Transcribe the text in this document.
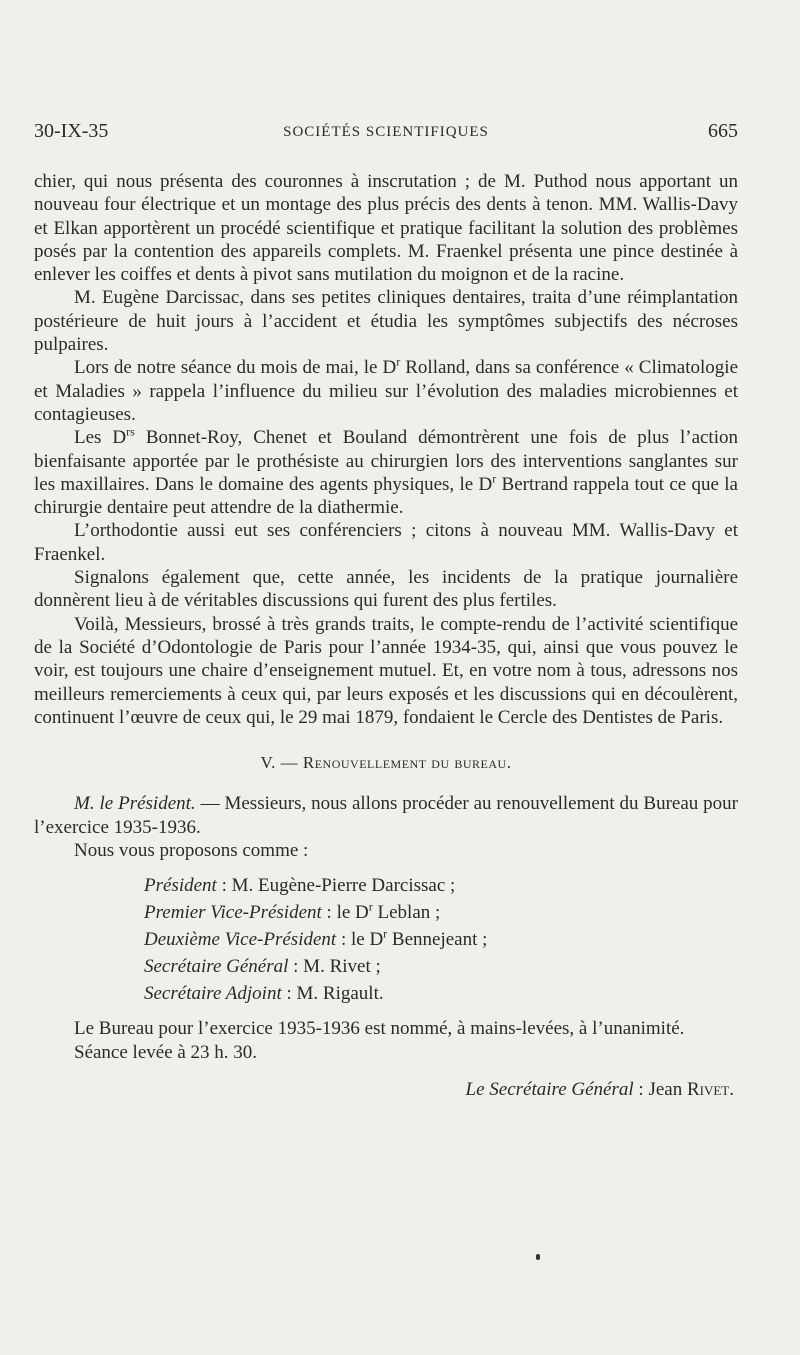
30-IX-35	SOCIÉTÉS SCIENTIFIQUES	665

chier, qui nous présenta des couronnes à inscrutation ; de M. Puthod nous apportant un nouveau four électrique et un montage des plus précis des dents à tenon. MM. Wallis-Davy et Elkan apportèrent un procédé scientifique et pratique facilitant la solution des problèmes posés par la contention des appareils complets. M. Fraenkel présenta une pince destinée à enlever les coiffes et dents à pivot sans mutilation du moignon et de la racine.

M. Eugène Darcissac, dans ses petites cliniques dentaires, traita d’une réimplantation postérieure de huit jours à l’accident et étudia les symptômes subjectifs des nécroses pulpaires.

Lors de notre séance du mois de mai, le $D^r$ Rolland, dans sa conférence « Climatologie et Maladies » rappela l’influence du milieu sur l’évolution des maladies microbiennes et contagieuses.

Les $D^{rs}$ Bonnet-Roy, Chenet et Bouland démontrèrent une fois de plus l’action bienfaisante apportée par le prothésiste au chirurgien lors des interventions sanglantes sur les maxillaires. Dans le domaine des agents physiques, le $D^r$ Bertrand rappela tout ce que la chirurgie dentaire peut attendre de la diathermie.

L’orthodontie aussi eut ses conférenciers ; citons à nouveau MM. Wallis-Davy et Fraenkel.

Signalons également que, cette année, les incidents de la pratique journalière donnèrent lieu à de véritables discussions qui furent des plus fertiles.

Voilà, Messieurs, brossé à très grands traits, le compte-rendu de l’activité scientifique de la Société d’Odontologie de Paris pour l’année 1934-35, qui, ainsi que vous pouvez le voir, est toujours une chaire d’enseignement mutuel. Et, en votre nom à tous, adressons nos meilleurs remerciements à ceux qui, par leurs exposés et les discussions qui en découlèrent, continuent l’œuvre de ceux qui, le 29 mai 1879, fondaient le Cercle des Dentistes de Paris.

V. — Renouvellement du bureau.

M. le Président. — Messieurs, nous allons procéder au renouvellement du Bureau pour l’exercice 1935-1936.

Nous vous proposons comme :

Président : M. Eugène-Pierre Darcissac ;
Premier Vice-Président : le $D^r$ Leblan ;
Deuxième Vice-Président : le $D^r$ Bennejeant ;
Secrétaire Général : M. Rivet ;
Secrétaire Adjoint : M. Rigault.

Le Bureau pour l’exercice 1935-1936 est nommé, à mains-levées, à l’unanimité.

Séance levée à 23 h. 30.

Le Secrétaire Général : Jean Rivet.
